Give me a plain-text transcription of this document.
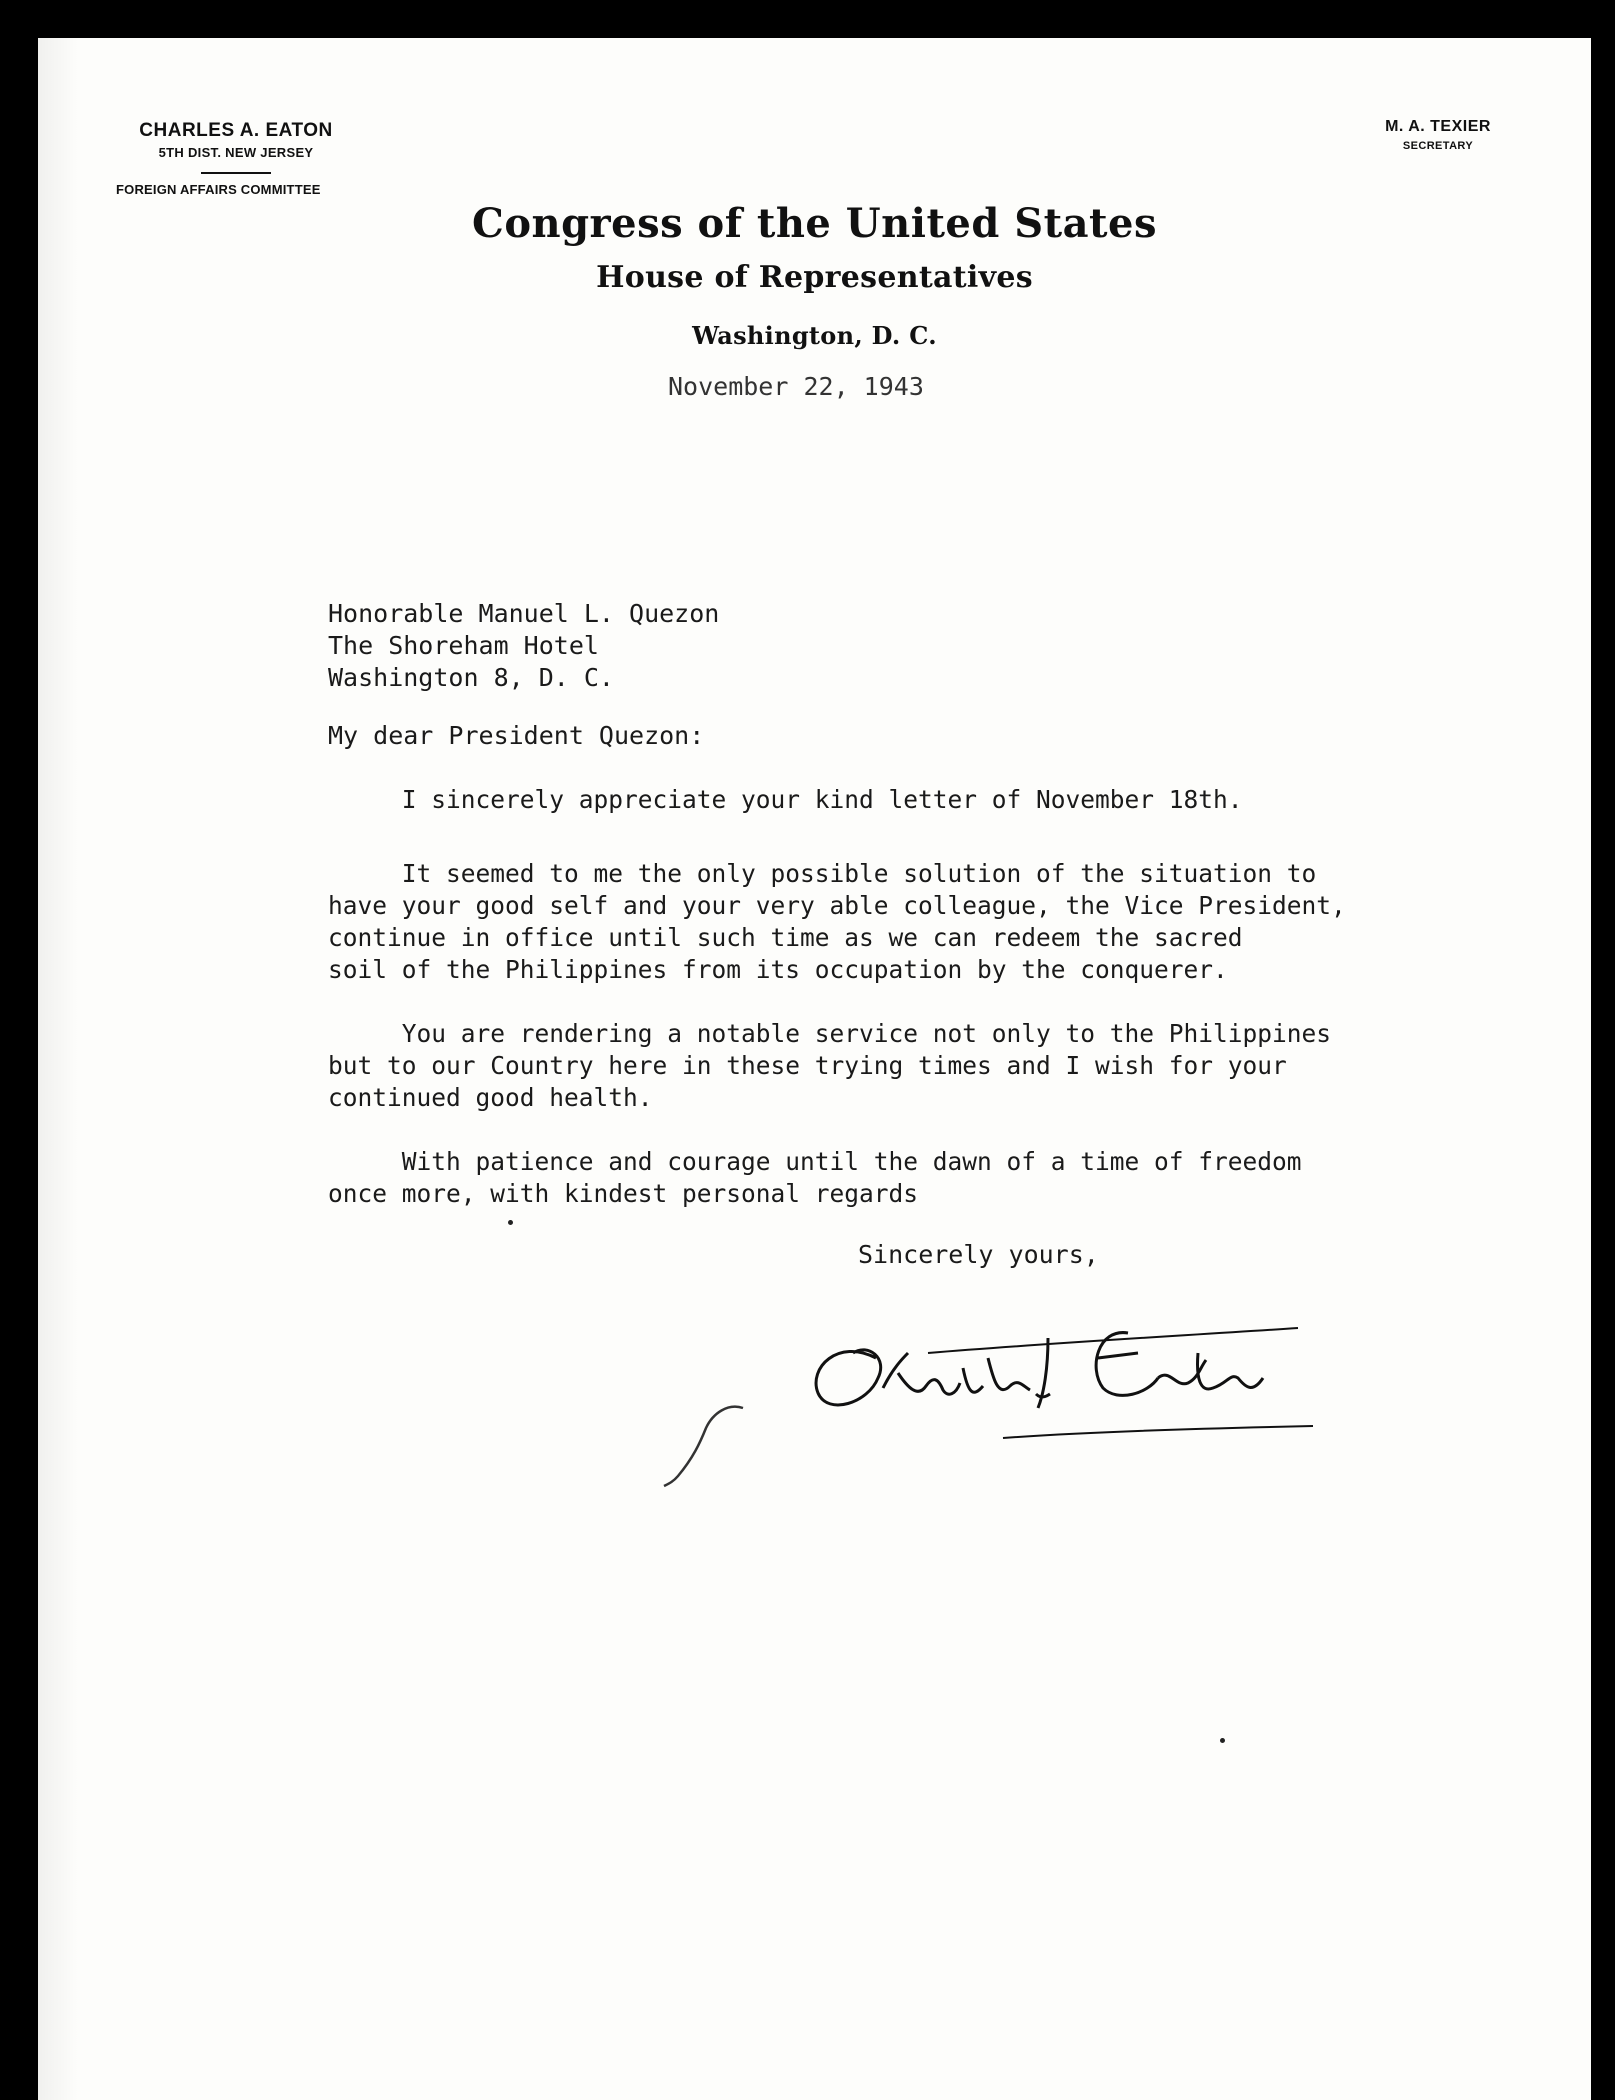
CHARLES A. EATON
5TH DIST. NEW JERSEY
FOREIGN AFFAIRS COMMITTEE
M. A. TEXIER
SECRETARY
Congress of the United States
House of Representatives
Washington, D. C.
November 22, 1943
Honorable Manuel L. Quezon
The Shoreham Hotel
Washington 8, D. C.
My dear President Quezon:
I sincerely appreciate your kind letter of November 18th.
It seemed to me the only possible solution of the situation to
have your good self and your very able colleague, the Vice President,
continue in office until such time as we can redeem the sacred
soil of the Philippines from its occupation by the conquerer.
You are rendering a notable service not only to the Philippines
but to our Country here in these trying times and I wish for your
continued good health.
With patience and courage until the dawn of a time of freedom
once more, with kindest personal regards
Sincerely yours,
